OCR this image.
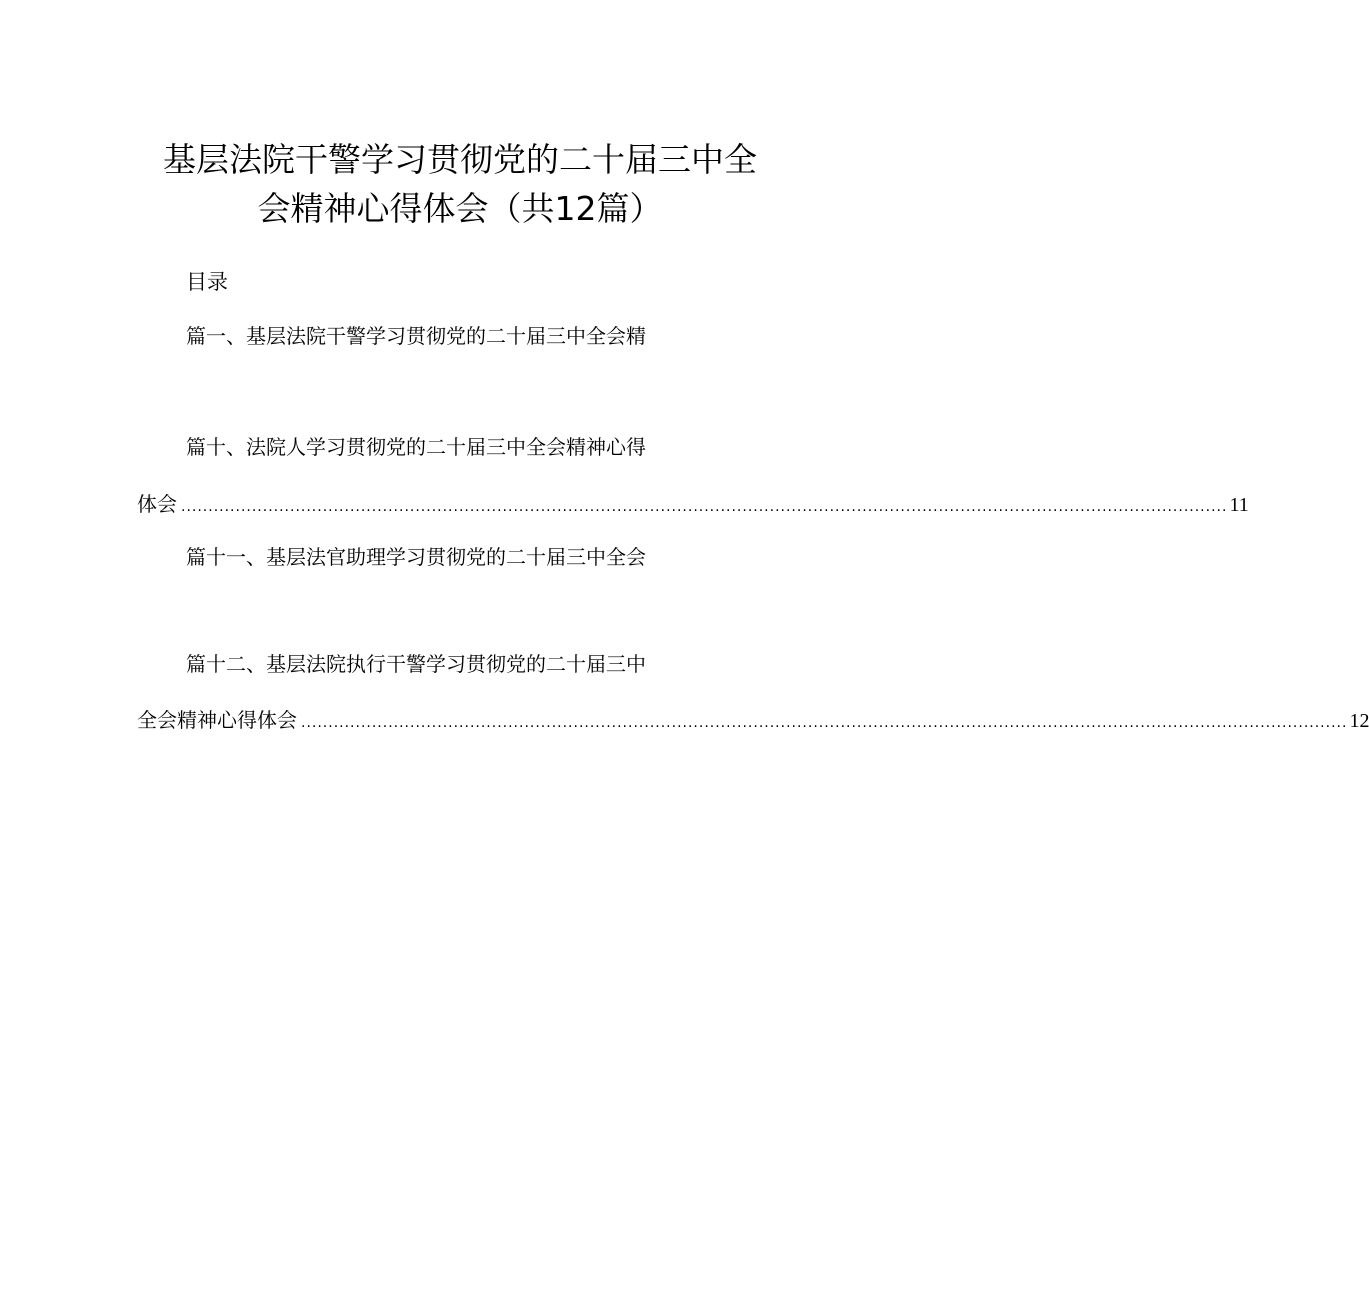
基层法院干警学习贯彻党的二十届三中全
会精神心得体会（共12篇）
目录
篇一、基层法院干警学习贯彻党的二十届三中全会精
篇十、法院人学习贯彻党的二十届三中全会精神心得
体会 ................................................................................................................................................................................................ 11
篇十一、基层法官助理学习贯彻党的二十届三中全会
篇十二、基层法院执行干警学习贯彻党的二十届三中
全会精神心得体会 ................................................................................................................................................................................................ 12
